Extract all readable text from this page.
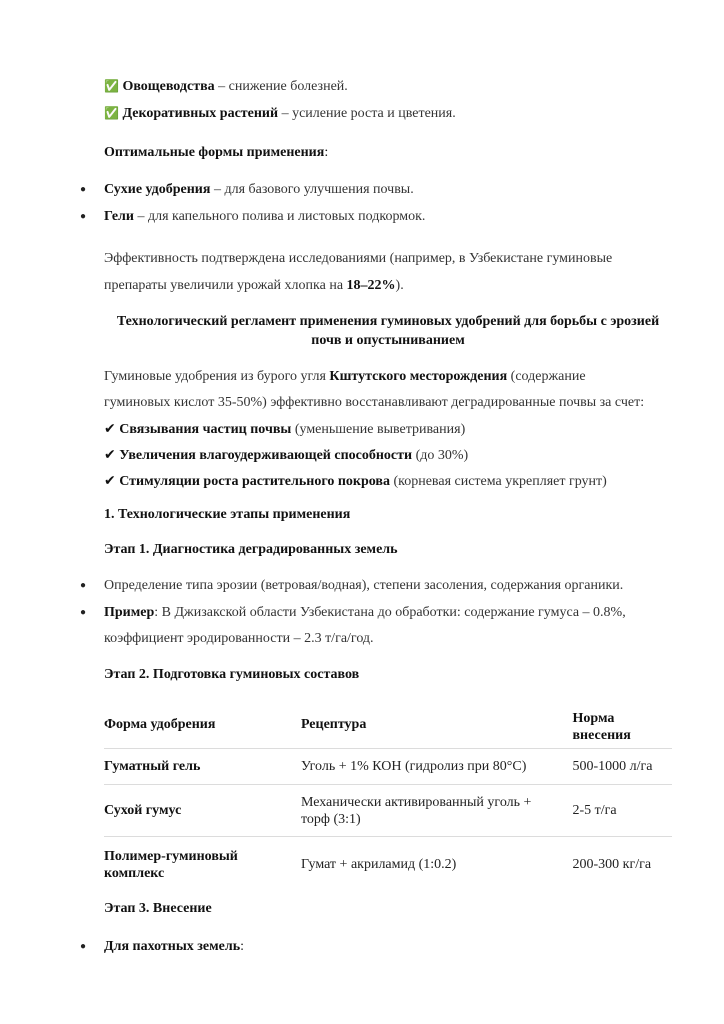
✅ Овощеводства – снижение болезней.
✅ Декоративных растений – усиление роста и цветения.
Оптимальные формы применения:
● Сухие удобрения – для базового улучшения почвы.
● Гели – для капельного полива и листовых подкормок.
Эффективность подтверждена исследованиями (например, в Узбекистане гуминовые
препараты увеличили урожай хлопка на 18–22%).
Технологический регламент применения гуминовых удобрений для борьбы с эрозией
почв и опустыниванием
Гуминовые удобрения из бурого угля Кштутского месторождения (содержание
гуминовых кислот 35-50%) эффективно восстанавливают деградированные почвы за счет:
✔ Связывания частиц почвы (уменьшение выветривания)
✔ Увеличения влагоудерживающей способности (до 30%)
✔ Стимуляции роста растительного покрова (корневая система укрепляет грунт)
1. Технологические этапы применения
Этап 1. Диагностика деградированных земель
● Определение типа эрозии (ветровая/водная), степени засоления, содержания органики.
● Пример: В Джизакской области Узбекистана до обработки: содержание гумуса – 0.8%,
коэффициент эродированности – 2.3 т/га/год.
Этап 2. Подготовка гуминовых составов
Форма удобрения	Рецептура	Норма внесения
Гуматный гель	Уголь + 1% КОН (гидролиз при 80°C)	500-1000 л/га
Сухой гумус	Механически активированный уголь + торф (3:1)	2-5 т/га
Полимер-гуминовый комплекс	Гумат + акриламид (1:0.2)	200-300 кг/га
Этап 3. Внесение
● Для пахотных земель:
